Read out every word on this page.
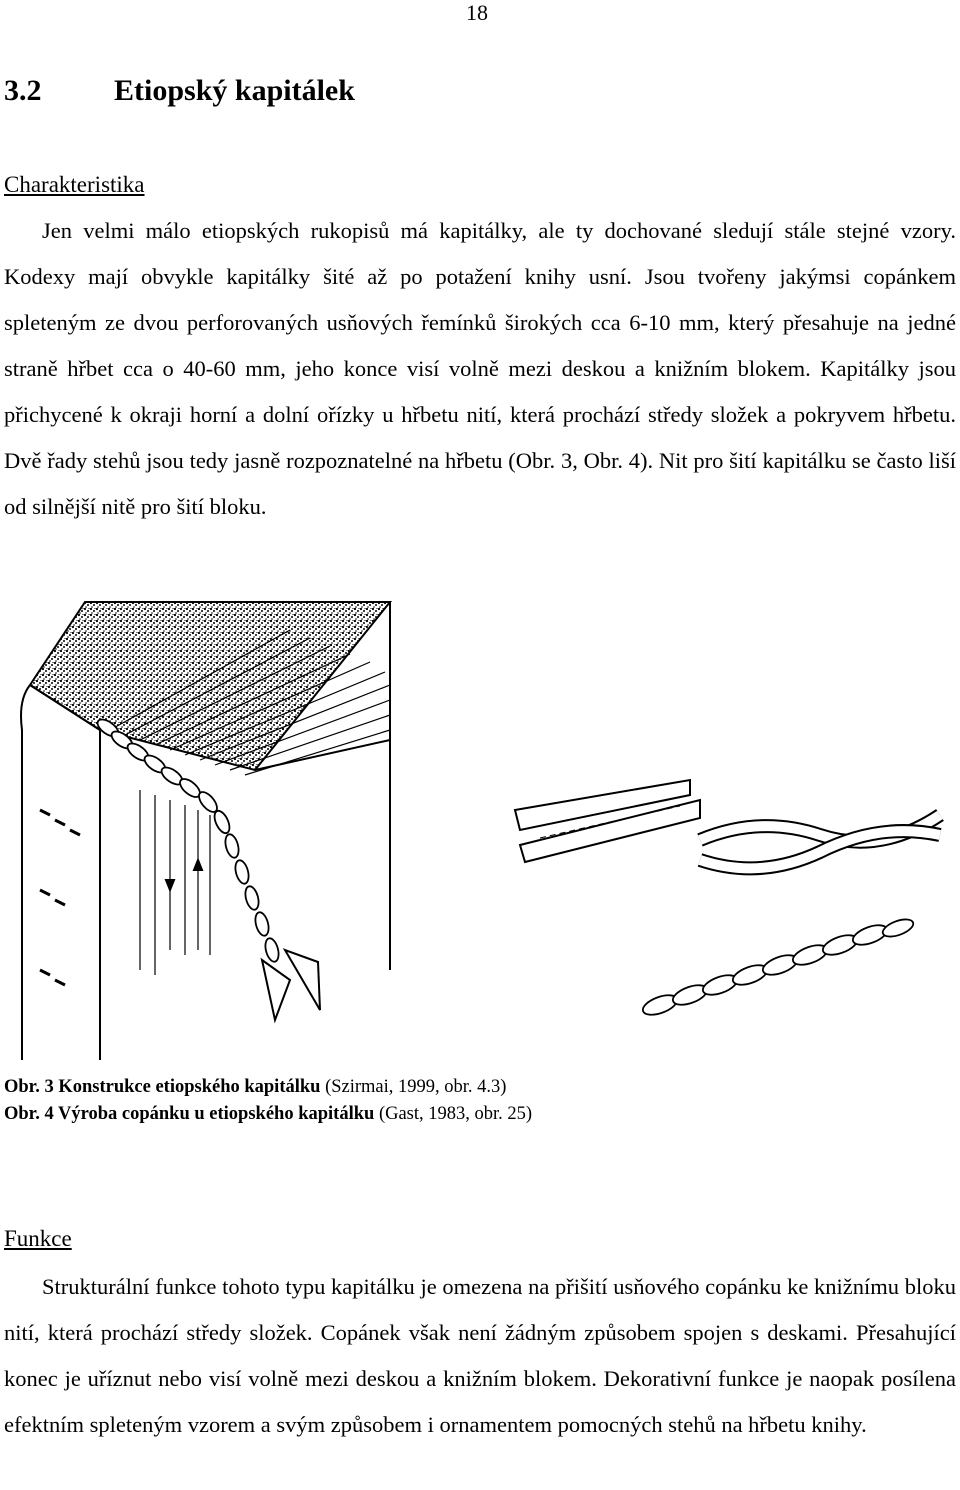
18
3.2 Etiopský kapitálek
Charakteristika
Jen velmi málo etiopských rukopisů má kapitálky, ale ty dochované sledují stále stejné vzory. Kodexy mají obvykle kapitálky šité až po potažení knihy usní. Jsou tvořeny jakýmsi copánkem spleteným ze dvou perforovaných usňových řemínků širokých cca 6-10 mm, který přesahuje na jedné straně hřbet cca o 40-60 mm, jeho konce visí volně mezi deskou a knižním blokem. Kapitálky jsou přichycené k okraji horní a dolní ořízky u hřbetu nití, která prochází středy složek a pokryvem hřbetu. Dvě řady stehů jsou tedy jasně rozpoznatelné na hřbetu (Obr. 3, Obr. 4). Nit pro šití kapitálku se často liší od silnější nitě pro šití bloku.
Obr. 3 Konstrukce etiopského kapitálku (Szirmai, 1999, obr. 4.3)
Obr. 4 Výroba copánku u etiopského kapitálku (Gast, 1983, obr. 25)
Funkce
Strukturální funkce tohoto typu kapitálku je omezena na přišití usňového copánku ke knižnímu bloku nití, která prochází středy složek. Copánek však není žádným způsobem spojen s deskami. Přesahující konec je uříznut nebo visí volně mezi deskou a knižním blokem. Dekorativní funkce je naopak posílena efektním spleteným vzorem a svým způsobem i ornamentem pomocných stehů na hřbetu knihy.
